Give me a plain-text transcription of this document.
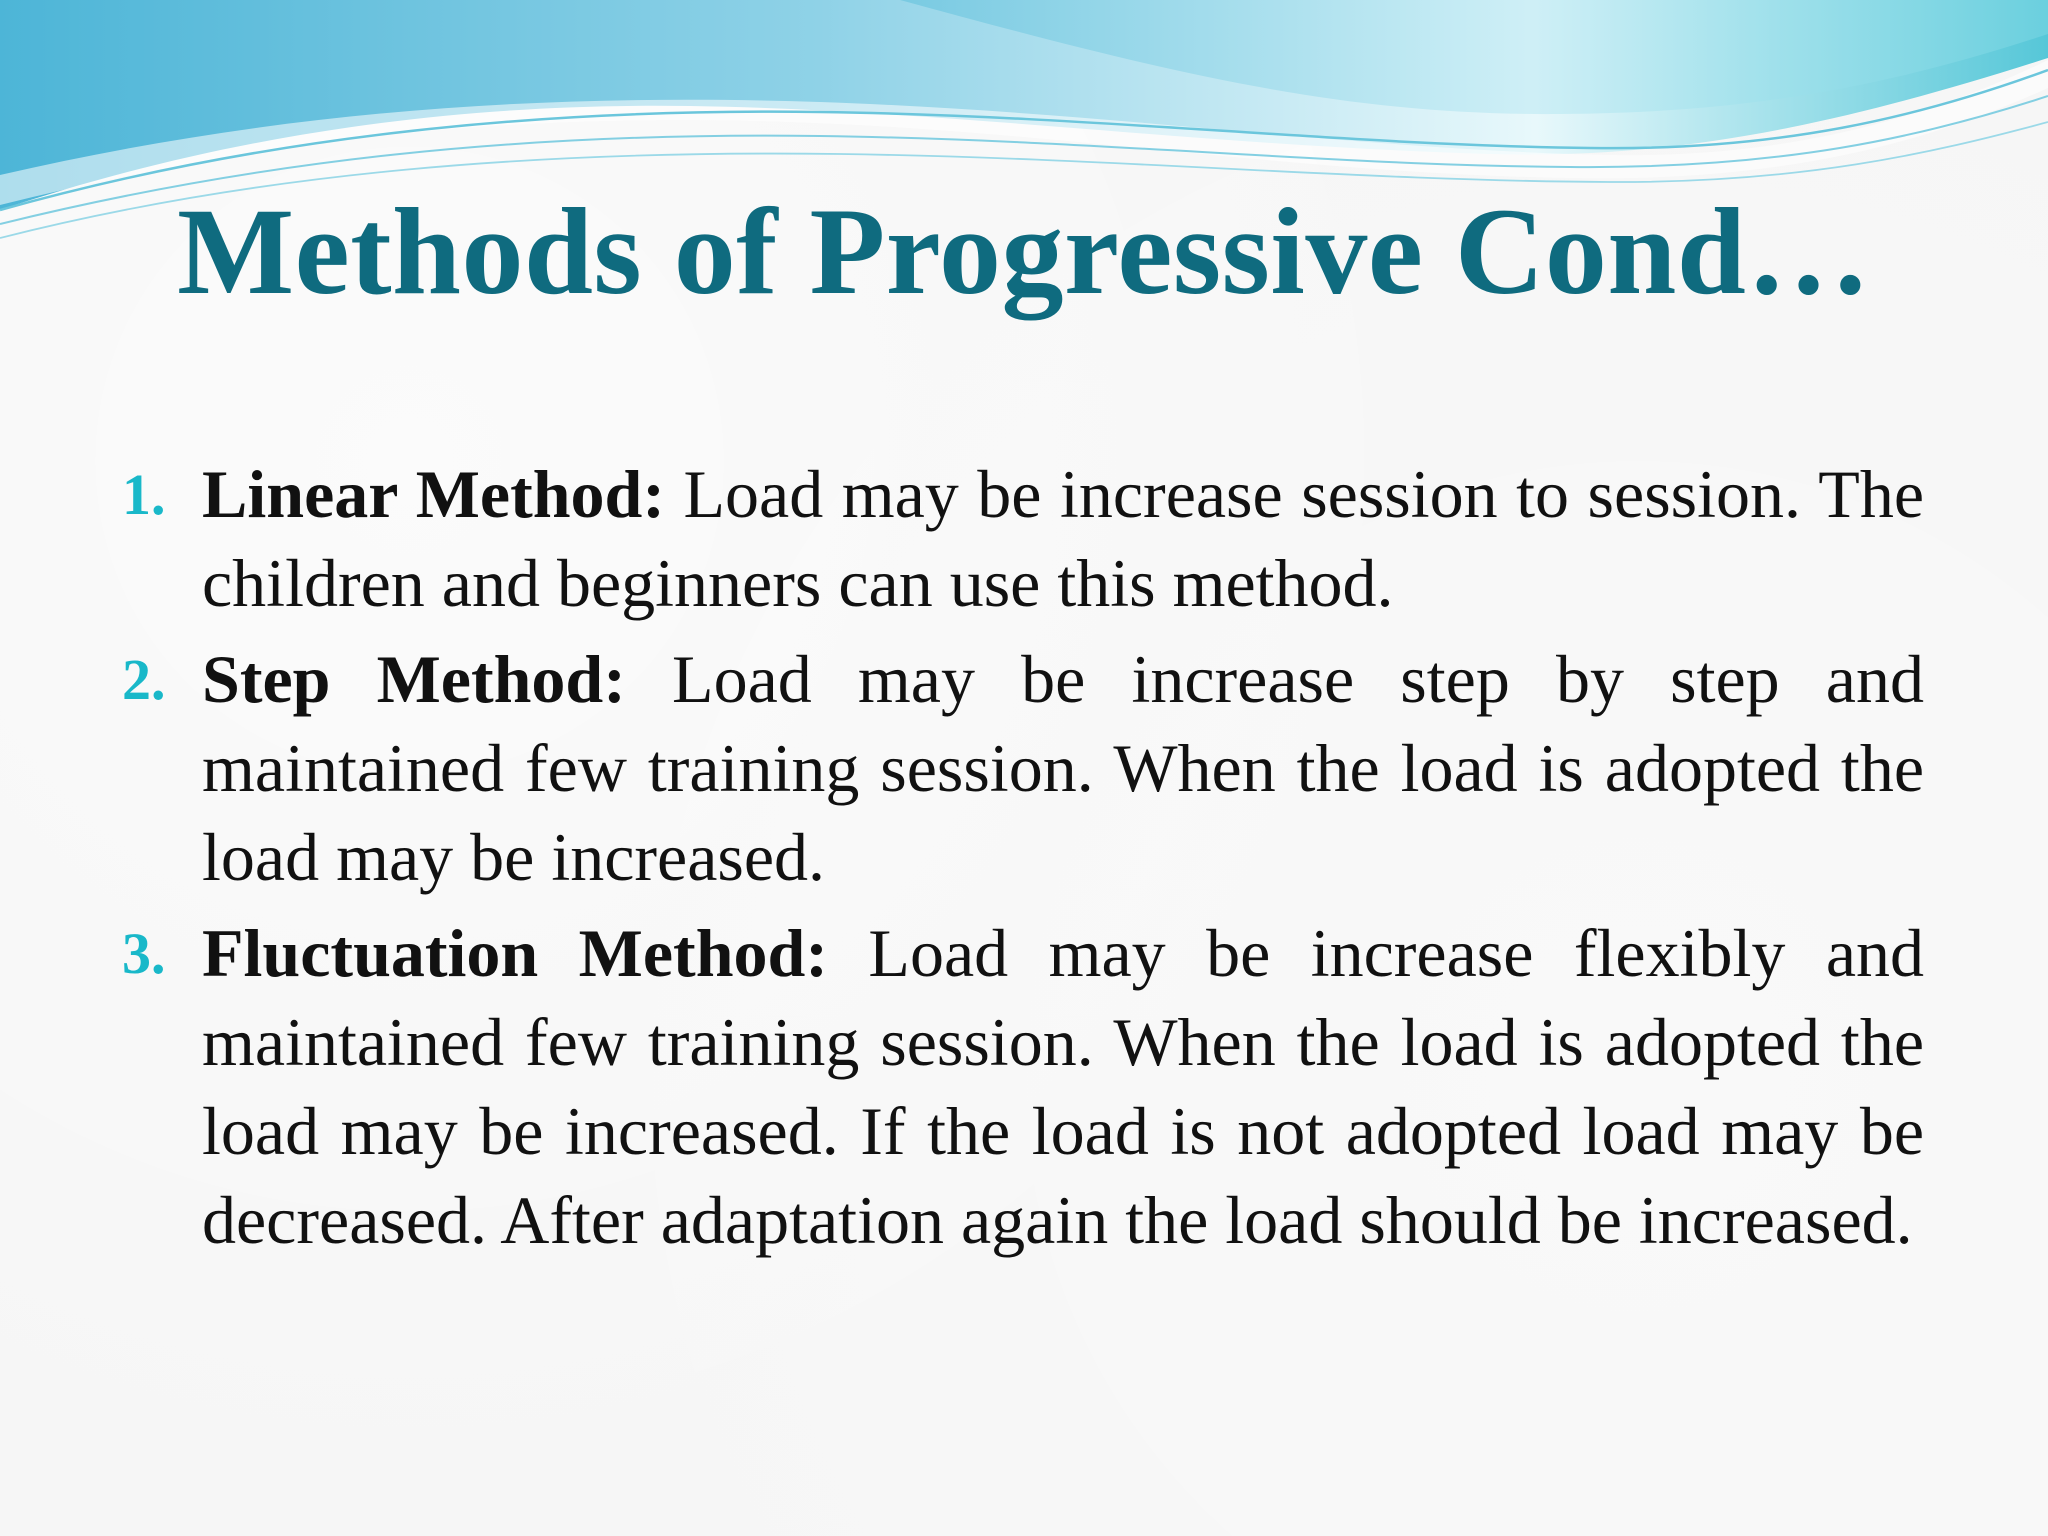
Methods of Progressive Cond…
1. Linear Method: Load may be increase session to session. The children and beginners can use this method.
2. Step Method: Load may be increase step by step and maintained few training session. When the load is adopted the load may be increased.
3. Fluctuation Method: Load may be increase flexibly and maintained few training session. When the load is adopted the load may be increased. If the load is not adopted load may be decreased. After adaptation again the load should be increased.
